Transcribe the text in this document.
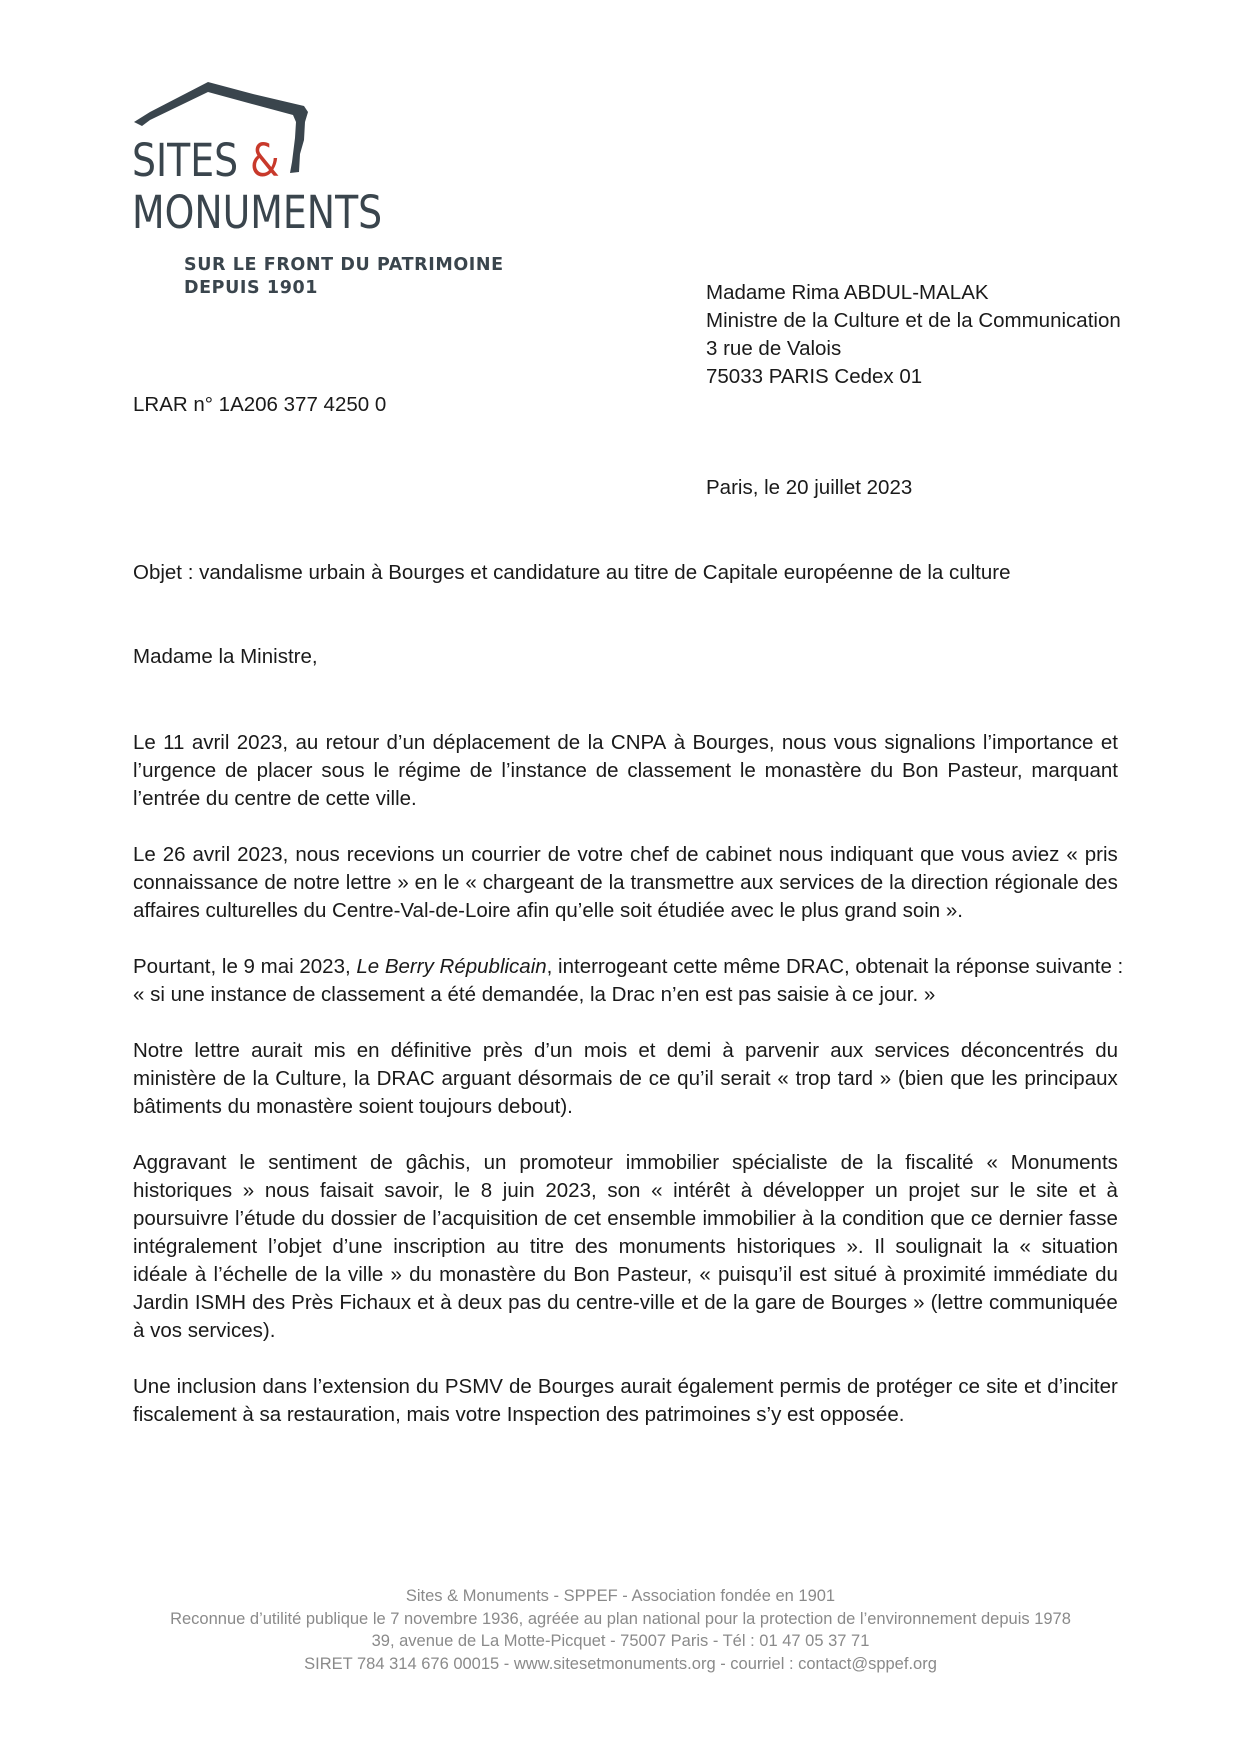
SITES &
MONUMENTS
SUR LE FRONT DU PATRIMOINE
DEPUIS 1901	Madame Rima ABDUL-MALAK
Ministre de la Culture et de la Communication
3 rue de Valois
75033 PARIS Cedex 01
LRAR n° 1A206 377 4250 0
Paris, le 20 juillet 2023
Objet : vandalisme urbain à Bourges et candidature au titre de Capitale européenne de la culture
Madame la Ministre,
Le 11 avril 2023, au retour d’un déplacement de la CNPA à Bourges, nous vous signalions l’importance et
l’urgence de placer sous le régime de l’instance de classement le monastère du Bon Pasteur, marquant
l’entrée du centre de cette ville.
Le 26 avril 2023, nous recevions un courrier de votre chef de cabinet nous indiquant que vous aviez « pris
connaissance de notre lettre » en le « chargeant de la transmettre aux services de la direction régionale des
affaires culturelles du Centre-Val-de-Loire afin qu’elle soit étudiée avec le plus grand soin ».
Pourtant, le 9 mai 2023, Le Berry Républicain, interrogeant cette même DRAC, obtenait la réponse suivante :
« si une instance de classement a été demandée, la Drac n’en est pas saisie à ce jour. »
Notre lettre aurait mis en définitive près d’un mois et demi à parvenir aux services déconcentrés du
ministère de la Culture, la DRAC arguant désormais de ce qu’il serait « trop tard » (bien que les principaux
bâtiments du monastère soient toujours debout).
Aggravant le sentiment de gâchis, un promoteur immobilier spécialiste de la fiscalité « Monuments
historiques » nous faisait savoir, le 8 juin 2023, son « intérêt à développer un projet sur le site et à
poursuivre l’étude du dossier de l’acquisition de cet ensemble immobilier à la condition que ce dernier fasse
intégralement l’objet d’une inscription au titre des monuments historiques ». Il soulignait la « situation
idéale à l’échelle de la ville » du monastère du Bon Pasteur, « puisqu’il est situé à proximité immédiate du
Jardin ISMH des Près Fichaux et à deux pas du centre-ville et de la gare de Bourges » (lettre communiquée
à vos services).
Une inclusion dans l’extension du PSMV de Bourges aurait également permis de protéger ce site et d’inciter
fiscalement à sa restauration, mais votre Inspection des patrimoines s’y est opposée.
Sites & Monuments - SPPEF - Association fondée en 1901
Reconnue d’utilité publique le 7 novembre 1936, agréée au plan national pour la protection de l’environnement depuis 1978
39, avenue de La Motte-Picquet - 75007 Paris - Tél : 01 47 05 37 71
SIRET 784 314 676 00015 - www.sitesetmonuments.org - courriel : contact@sppef.org
